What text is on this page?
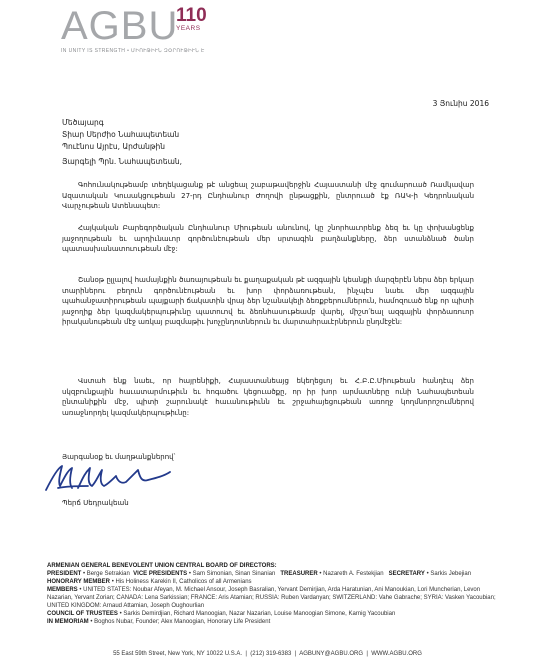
AGBU
110
YEARS
IN UNITY IS STRENGTH • ՄԻՈՒԹԻՒՆ ԶՕՐՈՒԹԻՒՆ Է
3 Յունիս 2016
Մեծայարգ
Տիար Սերժիօ Նահապետեան
Պուէնոս Այրէս, Արժանթին
Յարգելի Պրն. Նահապետեան,
Գոհունակութեամբ տեղեկացանք թէ անցեալ շաբաթավերջին Հայաստանի մէջ գումարուած Ռամկավար Ազատական Կուսակցութեան 27-րդ Ընդհանուր Ժողովի ընթացքին, ընտրուած էք ՌԱԿ-ի Կեդրոնական Վարչութեան Ատենապետ:
Հայկական Բարեգործական Ընդհանուր Միութեան անունով, կը շնորհաւորենք ձեզ եւ կը փոխանցենք յաջողութեան եւ արդիւնաւոր գործունէութեան մեր սրտագին բաղձանքները, ձեր ստանձնած ծանր պատասխանատուութեան մէջ:
Շանօթ ըլլալով համայնքին ծառայութեան եւ քաղաքական թէ ազգային կեանքի մարզերէն ներս ձեր երկար տարիներու բեղուն գործունէութեան եւ խոր փորձառութեան, ինչպէս նաեւ մեր ազգային պահանջատիրութեան պայքարի ճակատին վրայ ձեր նշանակելի ձեռքբերումներուն, համոզուած ենք որ պիտի յաջողիք ձեր կազմակերպութիւնը պատուով եւ ձեռնհասութեամբ վարել, միշտ՛եալ ազգային փորձառուոր իրականութեան մէջ առկայ բազմաթիւ խոչընդոտներուն եւ մարտահրաւէրներուն ընդմէջէն:
Վստահ ենք նաեւ, որ հայրենիքի, Հայաստանեայց եկեղեցւոյ եւ Հ.Բ.Ը.Միութեան հանդէպ ձեր սկզբունքային հաւատարմութիւն եւ հոգածու կեցուածքը, որ իր խոր արմատները ունի Նահապետեան ընտանիքին մէջ, պիտի շարունակէ հաւանութիւնն եւ շրջահայեցութեան առողջ կողմնորոշումներով առաջնորդել կազմակերպութիւնը:
Յարգանօք եւ մաղթանքներով՝
Պերճ Սեդրակեան
ARMENIAN GENERAL BENEVOLENT UNION CENTRAL BOARD OF DIRECTORS:
PRESIDENT • Berge Setrakian VICE PRESIDENTS • Sam Simonian, Sinan Sinanian TREASURER • Nazareth A. Festekjian SECRETARY • Sarkis Jebejian
HONORARY MEMBER • His Holiness Karekin II, Catholicos of all Armenians
MEMBERS • UNITED STATES: Noubar Afeyan, M. Michael Ansour, Joseph Basralian, Yervant Demirjian, Arda Haratunian, Ani Manoukian, Lori Muncherian, Levon Nazarian, Yervant Zorian; CANADA: Lena Sarkissian; FRANCE: Aris Atamian; RUSSIA: Ruben Vardanyan; SWITZERLAND: Vahe Gabrache; SYRIA: Vasken Yacoubian; UNITED KINGDOM: Arnaud Attamian, Joseph Oughourlian
COUNCIL OF TRUSTEES • Sarkis Demirdjian, Richard Manoogian, Nazar Nazarian, Louise Manoogian Simone, Karnig Yacoubian
IN MEMORIAM • Boghos Nubar, Founder; Alex Manoogian, Honorary Life President
55 East 59th Street, New York, NY 10022 U.S.A.  |  (212) 319-6383  |  AGBUNY@AGBU.ORG  |  WWW.AGBU.ORG
